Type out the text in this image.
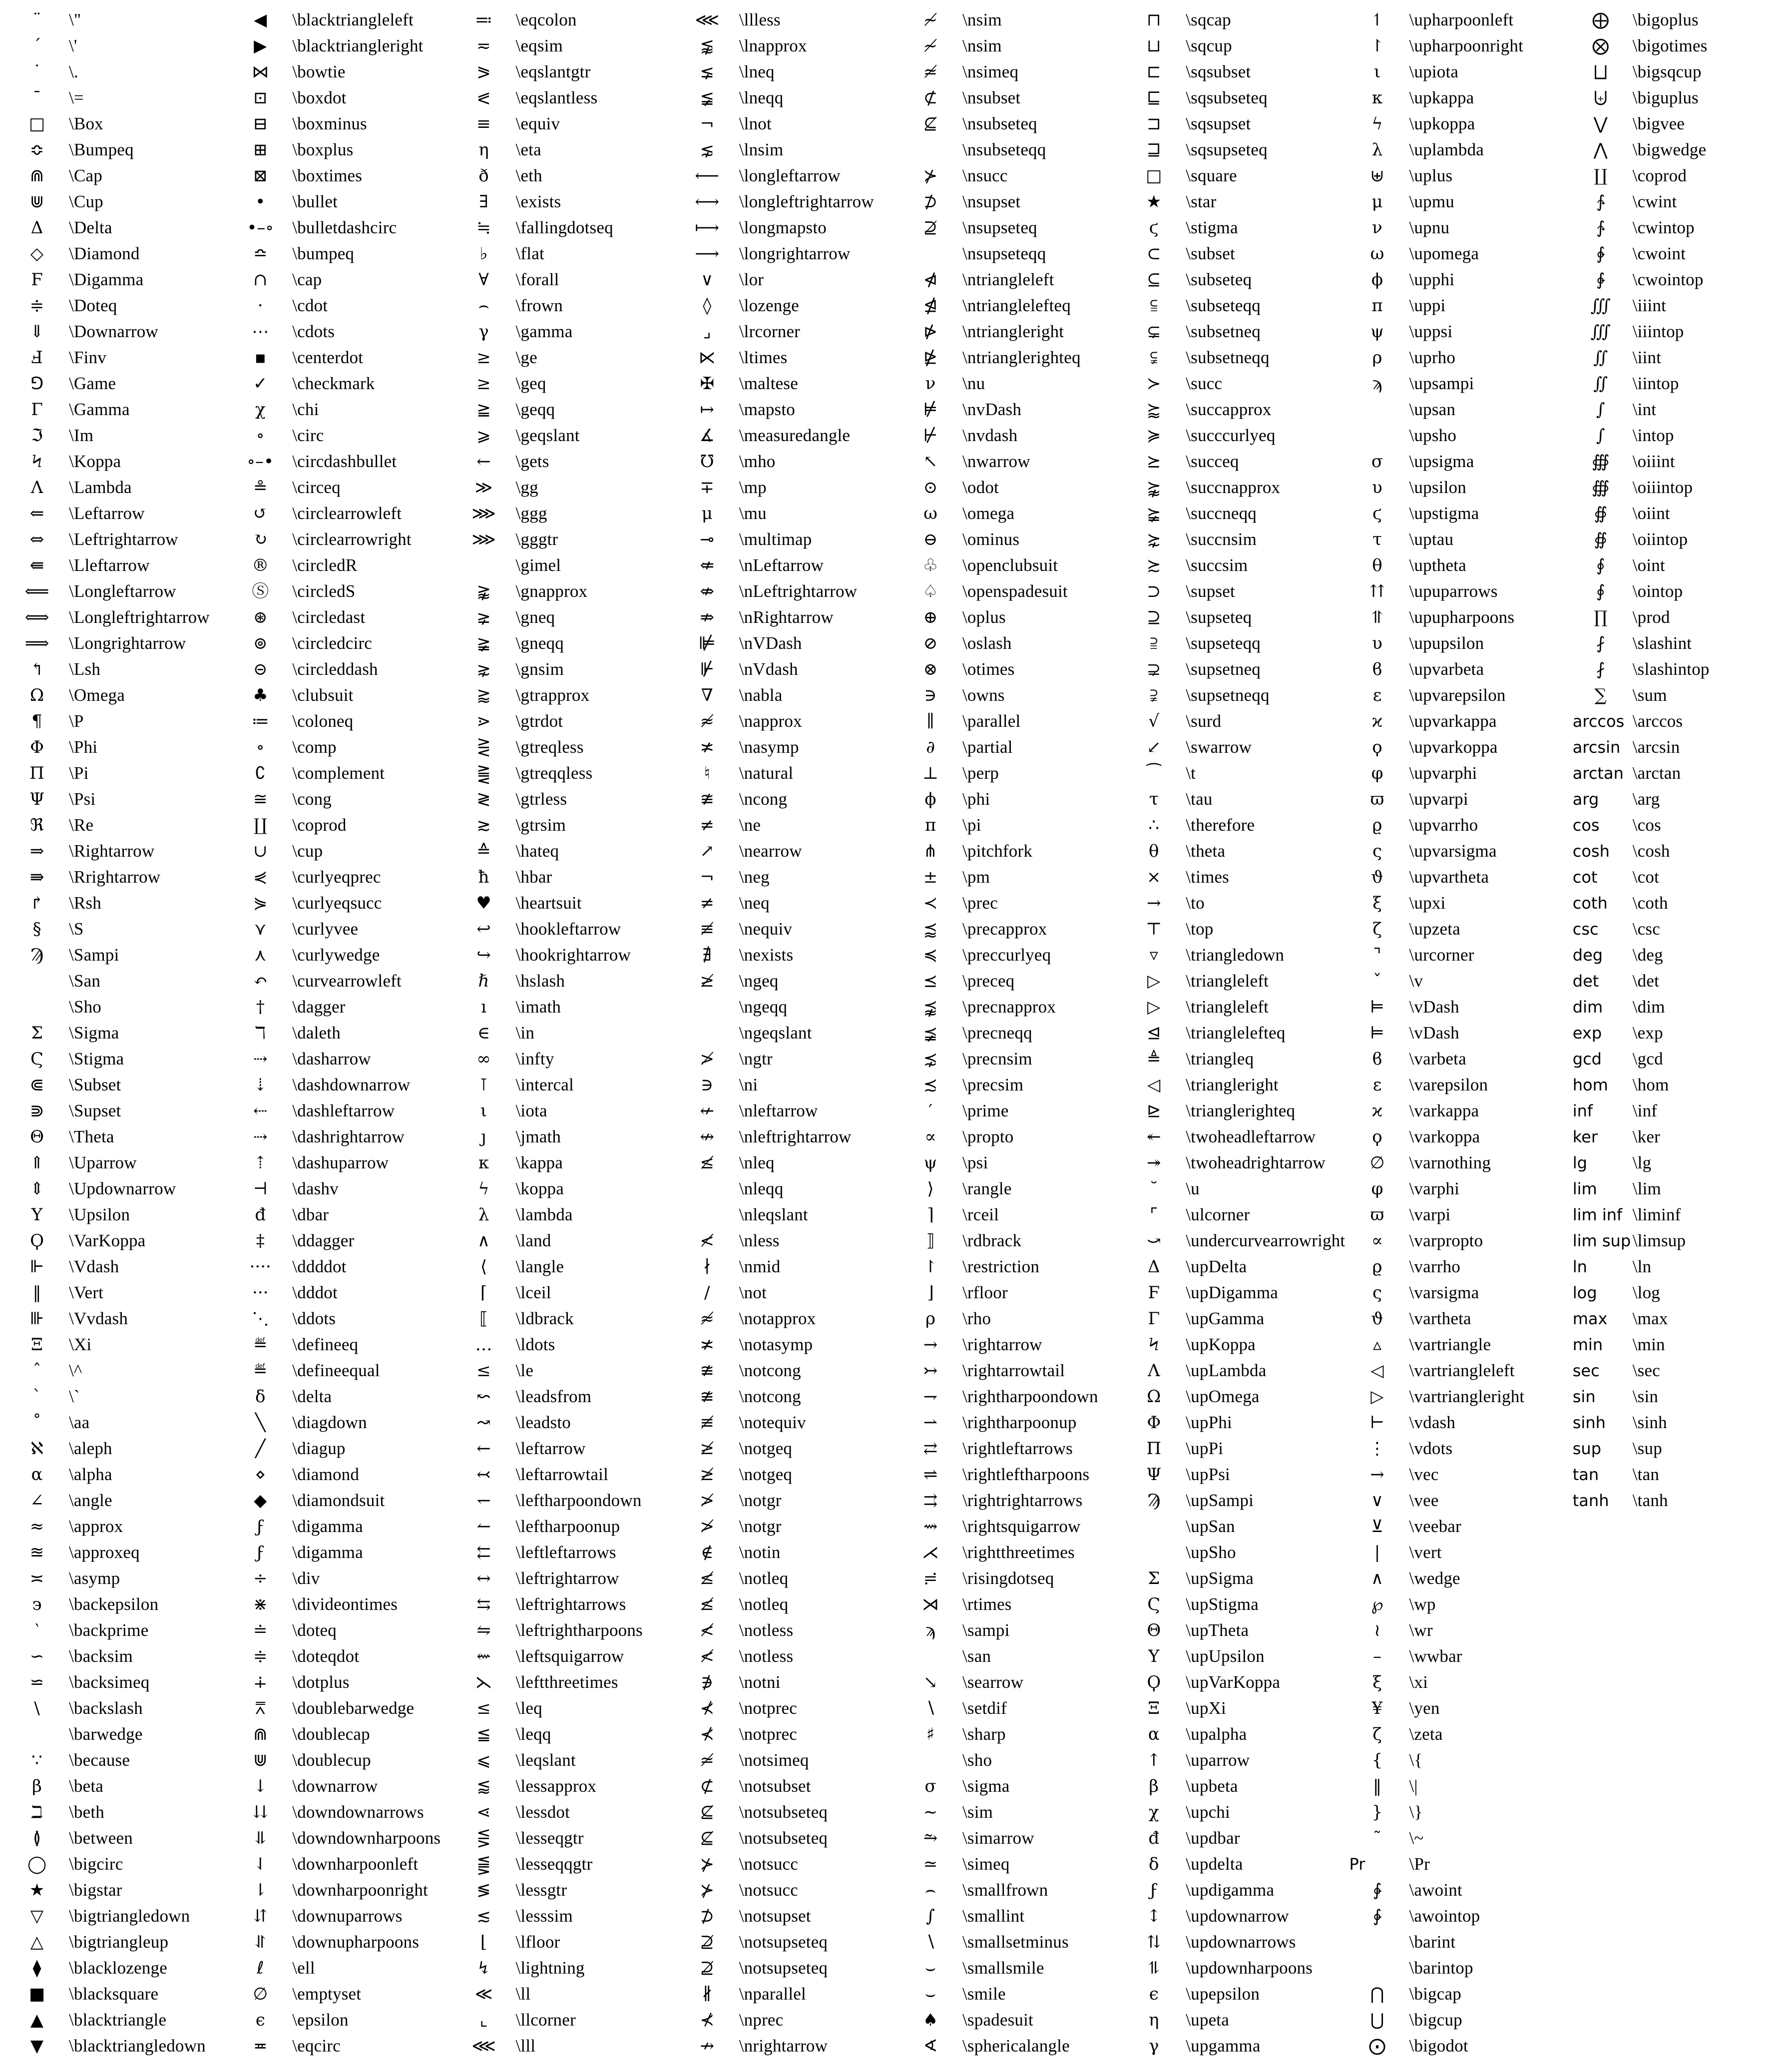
¨	\"
´	\'
˙	\.
¯	\=
□	\Box
≎	\Bumpeq
⋒	\Cap
⋓	\Cup
Δ	\Delta
◇	\Diamond
Ϝ	\Digamma
≑	\Doteq
⇓	\Downarrow
Ⅎ	\Finv
⅁	\Game
Γ	\Gamma
ℑ	\Im
Ϟ	\Koppa
Λ	\Lambda
⇐	\Leftarrow
⇔	\Leftrightarrow
⇚	\Lleftarrow
⟸	\Longleftarrow
⟺	\Longleftrightarrow
⟹	\Longrightarrow
↰	\Lsh
Ω	\Omega
¶	\P
Φ	\Phi
Π	\Pi
Ψ	\Psi
ℜ	\Re
⇒	\Rightarrow
⇛	\Rrightarrow
↱	\Rsh
§	\S
Ϡ	\Sampi
\San
\Sho
Σ	\Sigma
Ϛ	\Stigma
⋐	\Subset
⋑	\Supset
Θ	\Theta
⇑	\Uparrow
⇕	\Updownarrow
Υ	\Upsilon
Ϙ	\VarKoppa
⊩	\Vdash
‖	\Vert
⊪	\Vvdash
Ξ	\Xi
ˆ	\^
ˋ	\`
˚	\aa
ℵ	\aleph
α	\alpha
∠	\angle
≈	\approx
≊	\approxeq
≍	\asymp
϶	\backepsilon
‵	\backprime
∽	\backsim
⋍	\backsimeq
\	\backslash
\barwedge
∵	\because
β	\beta
ℶ	\beth
≬	\between
◯	\bigcirc
★	\bigstar
▽	\bigtriangledown
△	\bigtriangleup
⧫	\blacklozenge
■	\blacksquare
▲	\blacktriangle
▼	\blacktriangledown
◀	\blacktriangleleft
▶	\blacktriangleright
⋈	\bowtie
⊡	\boxdot
⊟	\boxminus
⊞	\boxplus
⊠	\boxtimes
•	\bullet
•–∘	\bulletdashcirc
≏	\bumpeq
∩	\cap
⋅	\cdot
⋯	\cdots
▪	\centerdot
✓	\checkmark
χ	\chi
∘	\circ
∘–•	\circdashbullet
≗	\circeq
↺	\circlearrowleft
↻	\circlearrowright
®	\circledR
Ⓢ	\circledS
⊛	\circledast
⊚	\circledcirc
⊝	\circleddash
♣	\clubsuit
≔	\coloneq
∘	\comp
∁	\complement
≅	\cong
∐	\coprod
∪	\cup
⋞	\curlyeqprec
⋟	\curlyeqsucc
⋎	\curlyvee
⋏	\curlywedge
↶	\curvearrowleft
†	\dagger
ℸ	\daleth
⇢	\dasharrow
⇣	\dashdownarrow
⇠	\dashleftarrow
⇢	\dashrightarrow
⇡	\dashuparrow
⊣	\dashv
đ	\dbar
‡	\ddagger
····	\ddddot
···	\dddot
⋱	\ddots
≝	\defineeq
≝	\defineequal
δ	\delta
╲	\diagdown
╱	\diagup
⋄	\diamond
◆	\diamondsuit
ϝ	\digamma
ϝ	\digamma
÷	\div
⋇	\divideontimes
≐	\doteq
≑	\doteqdot
∔	\dotplus
⩞	\doublebarwedge
⋒	\doublecap
⋓	\doublecup
↓	\downarrow
⇊	\downdownarrows
⥥	\downdownharpoons
⇃	\downharpoonleft
⇂	\downharpoonright
⇵	\downuparrows
⥯	\downupharpoons
ℓ	\ell
∅	\emptyset
ϵ	\epsilon
≖	\eqcirc
≕	\eqcolon
≂	\eqsim
⪖	\eqslantgtr
⪕	\eqslantless
≡	\equiv
η	\eta
ð	\eth
∃	\exists
≒	\fallingdotseq
♭	\flat
∀	\forall
⌢	\frown
γ	\gamma
≥	\ge
≥	\geq
≧	\geqq
⩾	\geqslant
←	\gets
≫	\gg
⋙	\ggg
⋙	\gggtr
\gimel
⪊	\gnapprox
⪈	\gneq
≩	\gneqq
⋧	\gnsim
⪆	\gtrapprox
⋗	\gtrdot
⋛	\gtreqless
⪌	\gtreqqless
≷	\gtrless
≳	\gtrsim
≙	\hateq
ħ	\hbar
♥	\heartsuit
↩	\hookleftarrow
↪	\hookrightarrow
ℏ	\hslash
ı	\imath
∈	\in
∞	\infty
⊺	\intercal
ι	\iota
ȷ	\jmath
κ	\kappa
ϟ	\koppa
λ	\lambda
∧	\land
⟨	\langle
⌈	\lceil
⟦	\ldbrack
…	\ldots
≤	\le
↜	\leadsfrom
↝	\leadsto
←	\leftarrow
↢	\leftarrowtail
↽	\leftharpoondown
↼	\leftharpoonup
⇇	\leftleftarrows
↔	\leftrightarrow
⇆	\leftrightarrows
⇋	\leftrightharpoons
⇜	\leftsquigarrow
⋋	\leftthreetimes
≤	\leq
≦	\leqq
⩽	\leqslant
⪅	\lessapprox
⋖	\lessdot
⋚	\lesseqgtr
⪋	\lesseqqgtr
≶	\lessgtr
≲	\lesssim
⌊	\lfloor
↯	\lightning
≪	\ll
⌞	\llcorner
⋘	\lll
⋘	\llless
⪉	\lnapprox
⪇	\lneq
≨	\lneqq
¬	\lnot
⋦	\lnsim
⟵	\longleftarrow
⟷	\longleftrightarrow
⟼	\longmapsto
⟶	\longrightarrow
∨	\lor
◊	\lozenge
⌟	\lrcorner
⋉	\ltimes
✠	\maltese
↦	\mapsto
∡	\measuredangle
℧	\mho
∓	\mp
μ	\mu
⊸	\multimap
⇍	\nLeftarrow
⇎	\nLeftrightarrow
⇏	\nRightarrow
⊯	\nVDash
⊮	\nVdash
∇	\nabla
≉	\napprox
≭	\nasymp
♮	\natural
≇	\ncong
≠	\ne
↗	\nearrow
¬	\neg
≠	\neq
≢	\nequiv
∄	\nexists
≱	\ngeq
\ngeqq
\ngeqslant
≯	\ngtr
∋	\ni
↚	\nleftarrow
↮	\nleftrightarrow
≰	\nleq
\nleqq
\nleqslant
≮	\nless
∤	\nmid
/	\not
≉	\notapprox
≭	\notasymp
≇	\notcong
≇	\notcong
≢	\notequiv
≱	\notgeq
≱	\notgeq
≯	\notgr
≯	\notgr
∉	\notin
≰	\notleq
≰	\notleq
≮	\notless
≮	\notless
∌	\notni
⊀	\notprec
⊀	\notprec
≄	\notsimeq
⊄	\notsubset
⊈	\notsubseteq
⊈	\notsubseteq
⊁	\notsucc
⊁	\notsucc
⊅	\notsupset
⊉	\notsupseteq
⊉	\notsupseteq
∦	\nparallel
⊀	\nprec
↛	\nrightarrow
≁	\nsim
≁	\nsim
≄	\nsimeq
⊄	\nsubset
⊈	\nsubseteq
\nsubseteqq
⊁	\nsucc
⊅	\nsupset
⊉	\nsupseteq
\nsupseteqq
⋪	\ntriangleleft
⋬	\ntrianglelefteq
⋫	\ntriangleright
⋭	\ntrianglerighteq
ν	\nu
⊭	\nvDash
⊬	\nvdash
↖	\nwarrow
⊙	\odot
ω	\omega
⊖	\ominus
♧	\openclubsuit
♤	\openspadesuit
⊕	\oplus
⊘	\oslash
⊗	\otimes
∋	\owns
∥	\parallel
∂	\partial
⊥	\perp
ϕ	\phi
π	\pi
⋔	\pitchfork
±	\pm
≺	\prec
⪷	\precapprox
≼	\preccurlyeq
⪯	\preceq
⪹	\precnapprox
⪵	\precneqq
⋨	\precnsim
≾	\precsim
′	\prime
∝	\propto
ψ	\psi
⟩	\rangle
⌉	\rceil
⟧	\rdbrack
↾	\restriction
⌋	\rfloor
ρ	\rho
→	\rightarrow
↣	\rightarrowtail
⇁	\rightharpoondown
⇀	\rightharpoonup
⇄	\rightleftarrows
⇌	\rightleftharpoons
⇉	\rightrightarrows
⇝	\rightsquigarrow
⋌	\rightthreetimes
≓	\risingdotseq
⋊	\rtimes
ϡ	\sampi
\san
↘	\searrow
∖	\setdif
♯	\sharp
\sho
σ	\sigma
∼	\sim
⥲	\simarrow
≃	\simeq
⌢	\smallfrown
∫	\smallint
∖	\smallsetminus
⌣	\smallsmile
⌣	\smile
♠	\spadesuit
∢	\sphericalangle
⊓	\sqcap
⊔	\sqcup
⊏	\sqsubset
⊑	\sqsubseteq
⊐	\sqsupset
⊒	\sqsupseteq
□	\square
★	\star
ϛ	\stigma
⊂	\subset
⊆	\subseteq
⫅	\subseteqq
⊊	\subsetneq
⫋	\subsetneqq
≻	\succ
⪸	\succapprox
≽	\succcurlyeq
⪰	\succeq
⪺	\succnapprox
⪶	\succneqq
⋩	\succnsim
≿	\succsim
⊃	\supset
⊇	\supseteq
⫆	\supseteqq
⊋	\supsetneq
⫌	\supsetneqq
√	\surd
↙	\swarrow
⁀	\t
τ	\tau
∴	\therefore
θ	\theta
×	\times
→	\to
⊤	\top
▿	\triangledown
▷	\triangleleft
▷	\triangleleft
⊴	\trianglelefteq
≜	\triangleq
◁	\triangleright
⊵	\trianglerighteq
↞	\twoheadleftarrow
↠	\twoheadrightarrow
˘	\u
⌜	\ulcorner
⤻	\undercurvearrowright
Δ	\upDelta
Ϝ	\upDigamma
Γ	\upGamma
Ϟ	\upKoppa
Λ	\upLambda
Ω	\upOmega
Φ	\upPhi
Π	\upPi
Ψ	\upPsi
Ϡ	\upSampi
\upSan
\upSho
Σ	\upSigma
Ϛ	\upStigma
Θ	\upTheta
Υ	\upUpsilon
Ϙ	\upVarKoppa
Ξ	\upXi
α	\upalpha
↑	\uparrow
β	\upbeta
χ	\upchi
đ	\updbar
δ	\updelta
ϝ	\updigamma
↕	\updownarrow
⇅	\updownarrows
⥮	\updownharpoons
ϵ	\upepsilon
η	\upeta
γ	\upgamma
↿	\upharpoonleft
↾	\upharpoonright
ι	\upiota
κ	\upkappa
ϟ	\upkoppa
λ	\uplambda
⊎	\uplus
μ	\upmu
ν	\upnu
ω	\upomega
ϕ	\upphi
π	\uppi
ψ	\uppsi
ρ	\uprho
ϡ	\upsampi
\upsan
\upsho
σ	\upsigma
υ	\upsilon
ϛ	\upstigma
τ	\uptau
θ	\uptheta
⇈	\upuparrows
⥣	\upupharpoons
υ	\upupsilon
ϐ	\upvarbeta
ε	\upvarepsilon
ϰ	\upvarkappa
ϙ	\upvarkoppa
φ	\upvarphi
ϖ	\upvarpi
ϱ	\upvarrho
ς	\upvarsigma
ϑ	\upvartheta
ξ	\upxi
ζ	\upzeta
⌝	\urcorner
ˇ	\v
⊨	\vDash
⊨	\vDash
ϐ	\varbeta
ε	\varepsilon
ϰ	\varkappa
ϙ	\varkoppa
∅	\varnothing
φ	\varphi
ϖ	\varpi
∝	\varpropto
ϱ	\varrho
ς	\varsigma
ϑ	\vartheta
▵	\vartriangle
◁	\vartriangleleft
▷	\vartriangleright
⊢	\vdash
⋮	\vdots
→	\vec
∨	\vee
⊻	\veebar
|	\vert
∧	\wedge
℘	\wp
≀	\wr
–	\wwbar
ξ	\xi
¥	\yen
ζ	\zeta
{	\{
‖	\|
}	\}
˜	\~
Pr	\Pr
∳	\awoint
∳	\awointop
\barint
\barintop
⋂	\bigcap
⋃	\bigcup
⨀	\bigodot
⨁	\bigoplus
⨂	\bigotimes
⨆	\bigsqcup
⨄	\biguplus
⋁	\bigvee
⋀	\bigwedge
∐	\coprod
∱	\cwint
∱	\cwintop
∲	\cwoint
∲	\cwointop
∭	\iiint
∭	\iiintop
∬	\iint
∬	\iintop
∫	\int
∫	\intop
∰	\oiiint
∰	\oiiintop
∯	\oiint
∯	\oiintop
∮	\oint
∮	\ointop
∏	\prod
⨏	\slashint
⨏	\slashintop
∑	\sum
arccos \arccos
arcsin \arcsin
arctan \arctan
arg	\arg
cos	\cos
cosh	\cosh
cot	\cot
coth	\coth
csc	\csc
deg	\deg
det	\det
dim	\dim
exp	\exp
gcd	\gcd
hom	\hom
inf	\inf
ker	\ker
lg	\lg
lim	\lim
lim inf \liminf
lim sup \limsup
ln	\ln
log	\log
max	\max
min	\min
sec	\sec
sin	\sin
sinh	\sinh
sup	\sup
tan	\tan
tanh	\tanh
